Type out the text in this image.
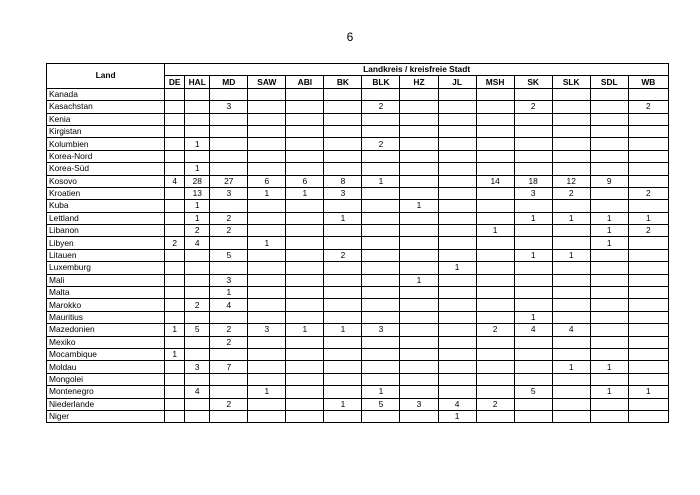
6
Land	Landkreis / kreisfreie Stadt													
	DE	HAL	MD	SAW	ABI	BK	BLK	HZ	JL	MSH	SK	SLK	SDL	WB
Kanada														
Kasachstan			3				2				2			2
Kenia														
Kirgistan														
Kolumbien		1					2							
Korea-Nord														
Korea-Süd		1												
Kosovo	4	28	27	6	6	8	1			14	18	12	9	
Kroatien		13	3	1	1	3					3	2		2
Kuba		1						1						
Lettland		1	2			1					1	1	1	1
Libanon		2	2							1			1	2
Libyen	2	4		1									1	
Litauen			5			2					1	1		
Luxemburg									1					
Mali			3					1						
Malta			1											
Marokko		2	4											
Mauritius											1			
Mazedonien	1	5	2	3	1	1	3			2	4	4		
Mexiko			2											
Mocambique	1													
Moldau		3	7									1	1	
Mongolei														
Montenegro		4		1			1				5		1	1
Niederlande			2			1	5	3	4	2				
Niger									1					
